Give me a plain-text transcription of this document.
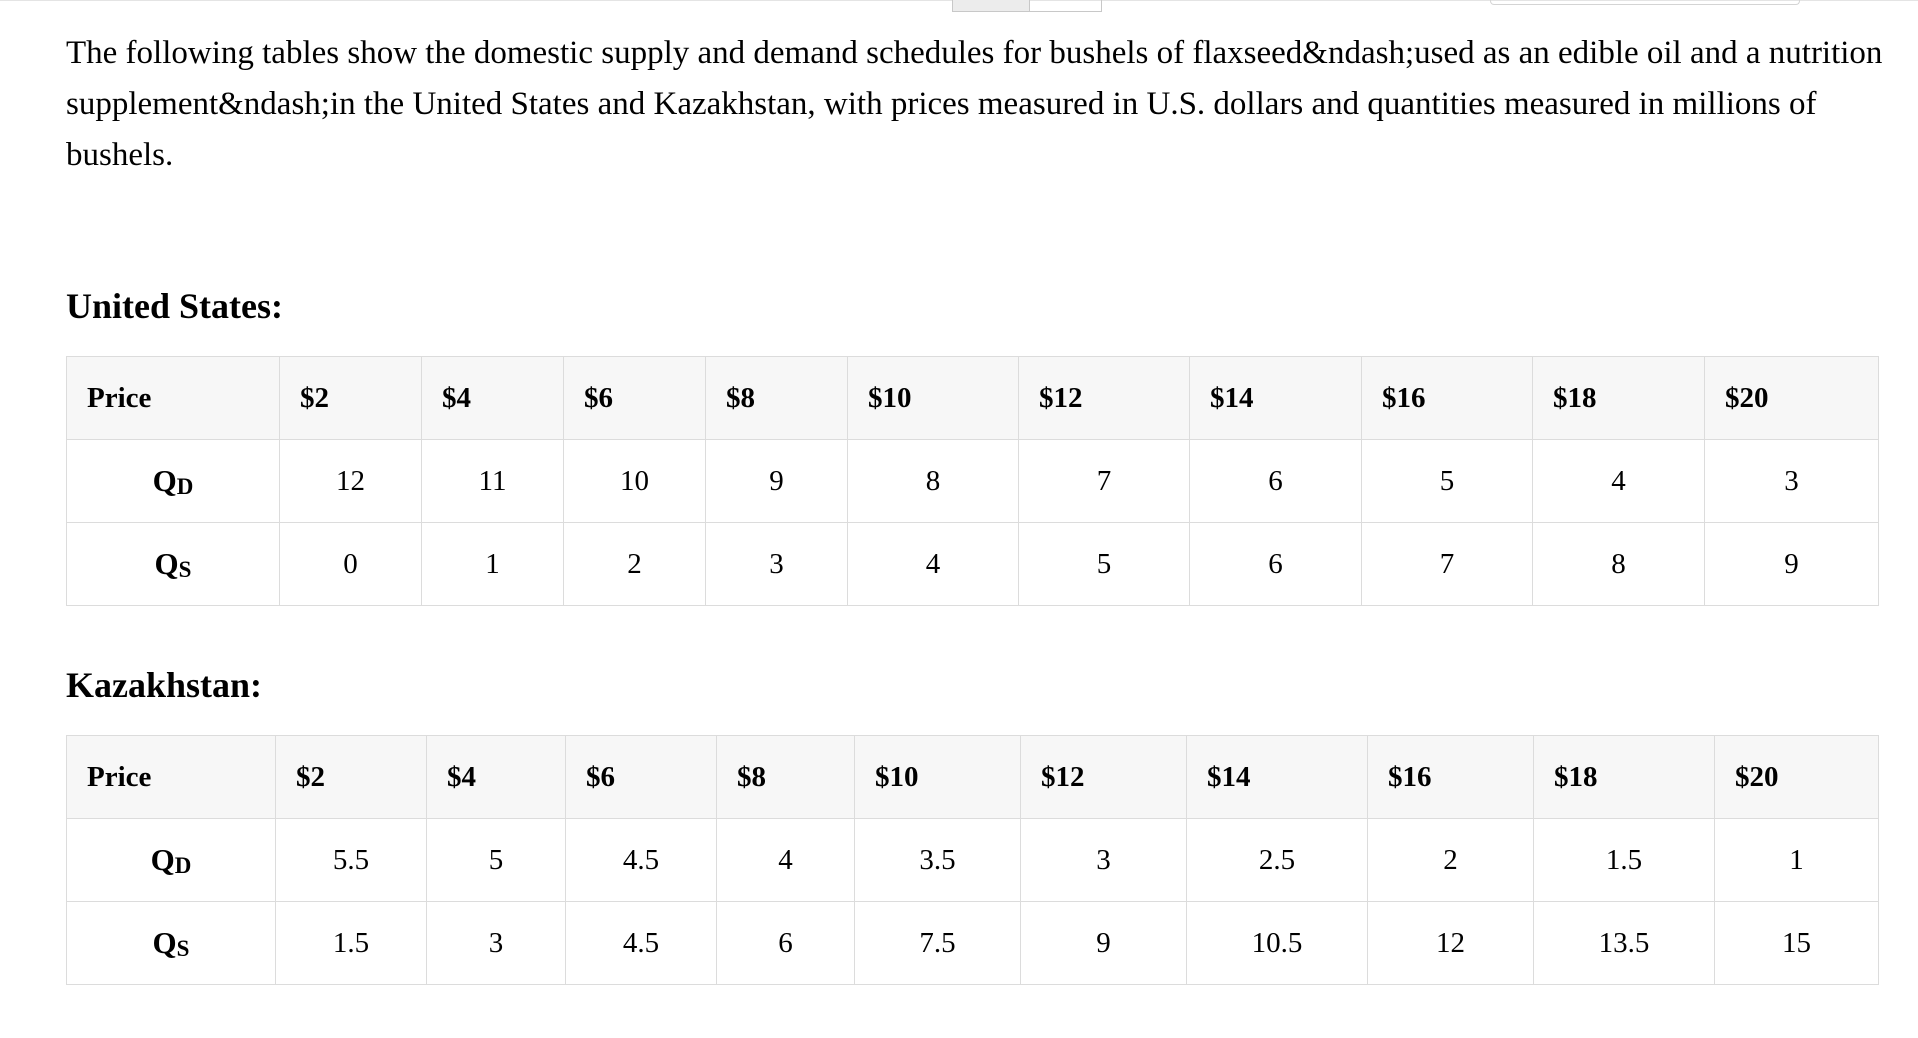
The following tables show the domestic supply and demand schedules for bushels of flaxseed&ndash;used as an edible oil and a nutrition supplement&ndash;in the United States and Kazakhstan, with prices measured in U.S. dollars and quantities measured in millions of bushels.

United States:
Price	$2	$4	$6	$8	$10	$12	$14	$16	$18	$20
$Q_D$	12	11	10	9	8	7	6	5	4	3
$Q_S$	0	1	2	3	4	5	6	7	8	9
Kazakhstan:
Price	$2	$4	$6	$8	$10	$12	$14	$16	$18	$20
$Q_D$	5.5	5	4.5	4	3.5	3	2.5	2	1.5	1
$Q_S$	1.5	3	4.5	6	7.5	9	10.5	12	13.5	15
